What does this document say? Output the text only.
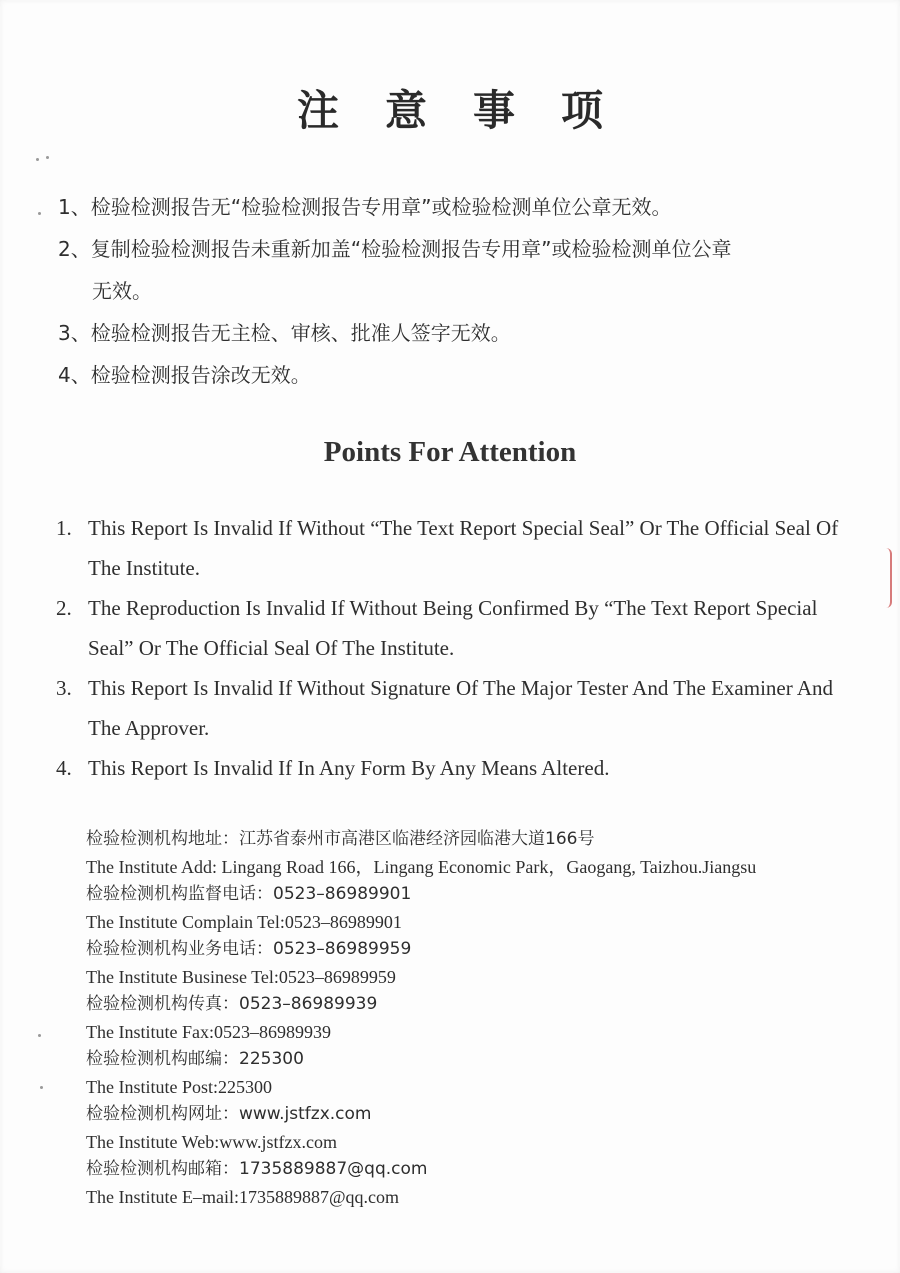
注意事项
1、检验检测报告无“检验检测报告专用章”或检验检测单位公章无效。
2、复制检验检测报告未重新加盖“检验检测报告专用章”或检验检测单位公章
无效。
3、检验检测报告无主检、审核、批准人签字无效。
4、检验检测报告涂改无效。
Points For Attention
1. This Report Is Invalid If Without “The Text Report Special Seal” Or The Official Seal Of The Institute.
2. The Reproduction Is Invalid If Without Being Confirmed By “The Text Report Special Seal” Or The Official Seal Of The Institute.
3. This Report Is Invalid If Without Signature Of The Major Tester And The Examiner And The Approver.
4. This Report Is Invalid If In Any Form By Any Means Altered.
检验检测机构地址：江苏省泰州市高港区临港经济园临港大道166号
The Institute Add: Lingang Road 166，Lingang Economic Park，Gaogang, Taizhou.Jiangsu
检验检测机构监督电话：0523–86989901
The Institute Complain Tel:0523–86989901
检验检测机构业务电话：0523–86989959
The Institute Businese Tel:0523–86989959
检验检测机构传真：0523–86989939
The Institute Fax:0523–86989939
检验检测机构邮编：225300
The Institute Post:225300
检验检测机构网址：www.jstfzx.com
The Institute Web:www.jstfzx.com
检验检测机构邮箱：1735889887@qq.com
The Institute E–mail:1735889887@qq.com
